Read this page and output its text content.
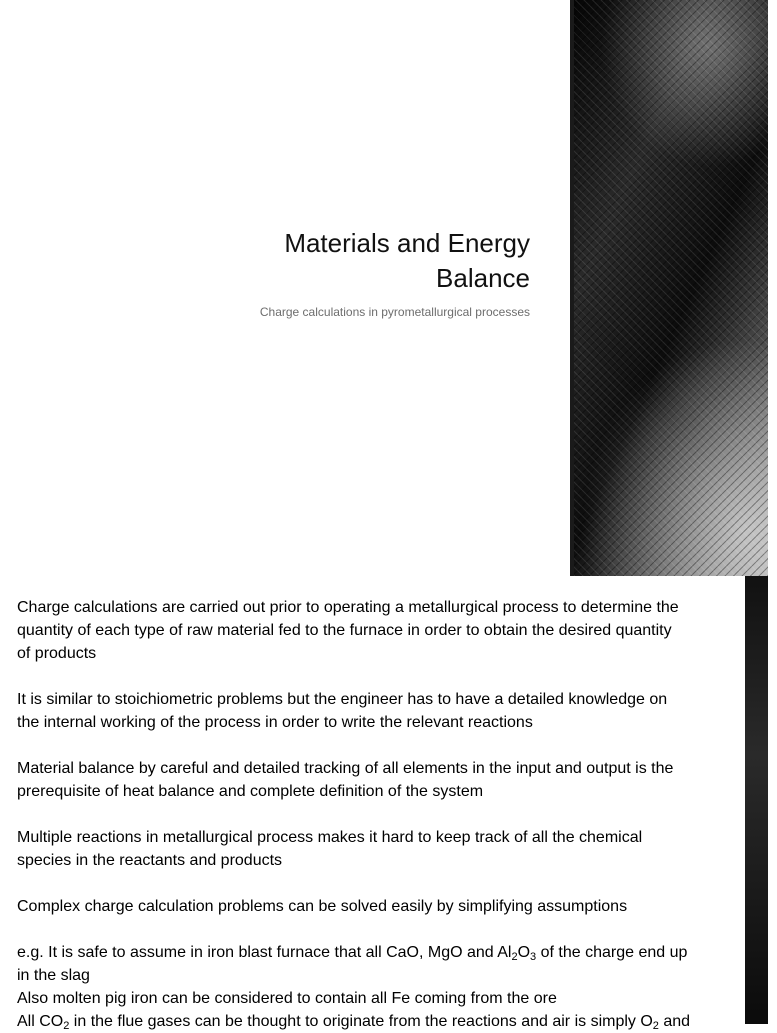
Materials and Energy
Balance
Charge calculations in pyrometallurgical processes

Charge calculations are carried out prior to operating a metallurgical process to determine the
quantity of each type of raw material fed to the furnace in order to obtain the desired quantity
of products

It is similar to stoichiometric problems but the engineer has to have a detailed knowledge on
the internal working of the process in order to write the relevant reactions

Material balance by careful and detailed tracking of all elements in the input and output is the
prerequisite of heat balance and complete definition of the system

Multiple reactions in metallurgical process makes it hard to keep track of all the chemical
species in the reactants and products

Complex charge calculation problems can be solved easily by simplifying assumptions

e.g. It is safe to assume in iron blast furnace that all CaO, MgO and $Al_2O_3$ of the charge end up
in the slag
Also molten pig iron can be considered to contain all Fe coming from the ore
All $CO_2$ in the flue gases can be thought to originate from the reactions and air is simply $O_2$ and
